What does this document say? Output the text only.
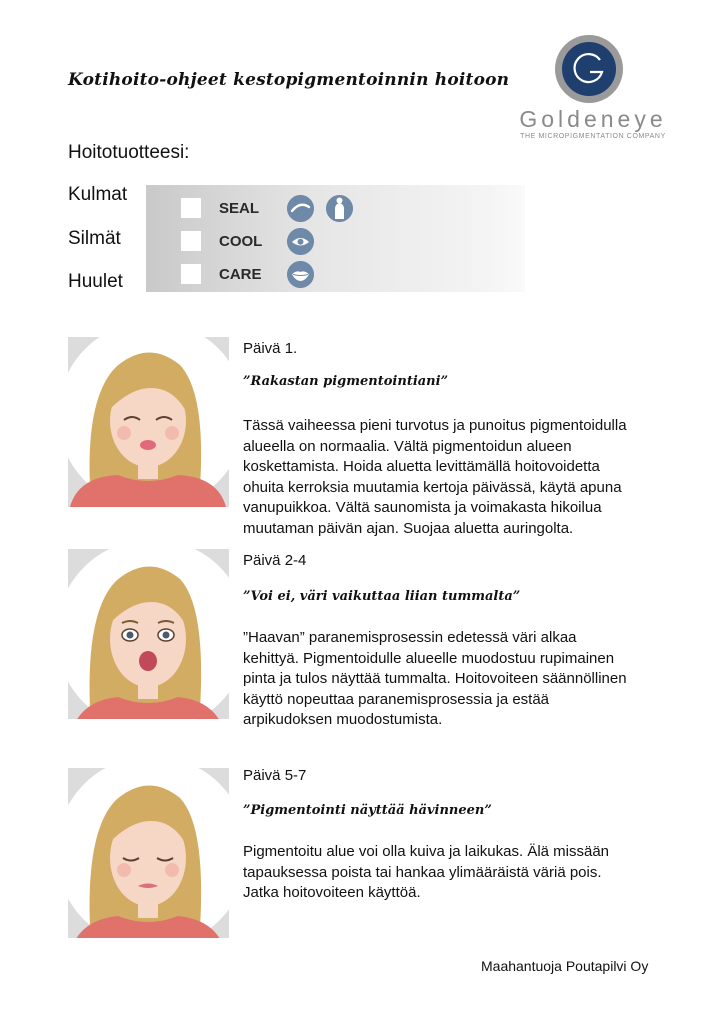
Kotihoito-ohjeet kestopigmentoinnin hoitoon
Goldeneye
THE MICROPIGMENTATION COMPANY
Hoitotuotteesi:
Kulmat
Silmät
Huulet
SEAL
COOL
CARE
Päivä 1.
”Rakastan pigmentointiani”
Tässä vaiheessa pieni turvotus ja punoitus pigmentoidulla
alueella on normaalia. Vältä pigmentoidun alueen
koskettamista. Hoida aluetta levittämällä hoitovoidetta
ohuita kerroksia muutamia kertoja päivässä, käytä apuna
vanupuikkoa. Vältä saunomista ja voimakasta hikoilua
muutaman päivän ajan. Suojaa aluetta auringolta.
Päivä 2-4
”Voi ei, väri vaikuttaa liian tummalta”
”Haavan” paranemisprosessin edetessä väri alkaa
kehittyä. Pigmentoidulle alueelle muodostuu rupimainen
pinta ja tulos näyttää tummalta. Hoitovoiteen säännöllinen
käyttö nopeuttaa paranemisprosessia ja estää
arpikudoksen muodostumista.
Päivä 5-7
”Pigmentointi näyttää hävinneen”
Pigmentoitu alue voi olla kuiva ja laikukas. Älä missään
tapauksessa poista tai hankaa ylimääräistä väriä pois.
Jatka hoitovoiteen käyttöä.
Maahantuoja Poutapilvi Oy
